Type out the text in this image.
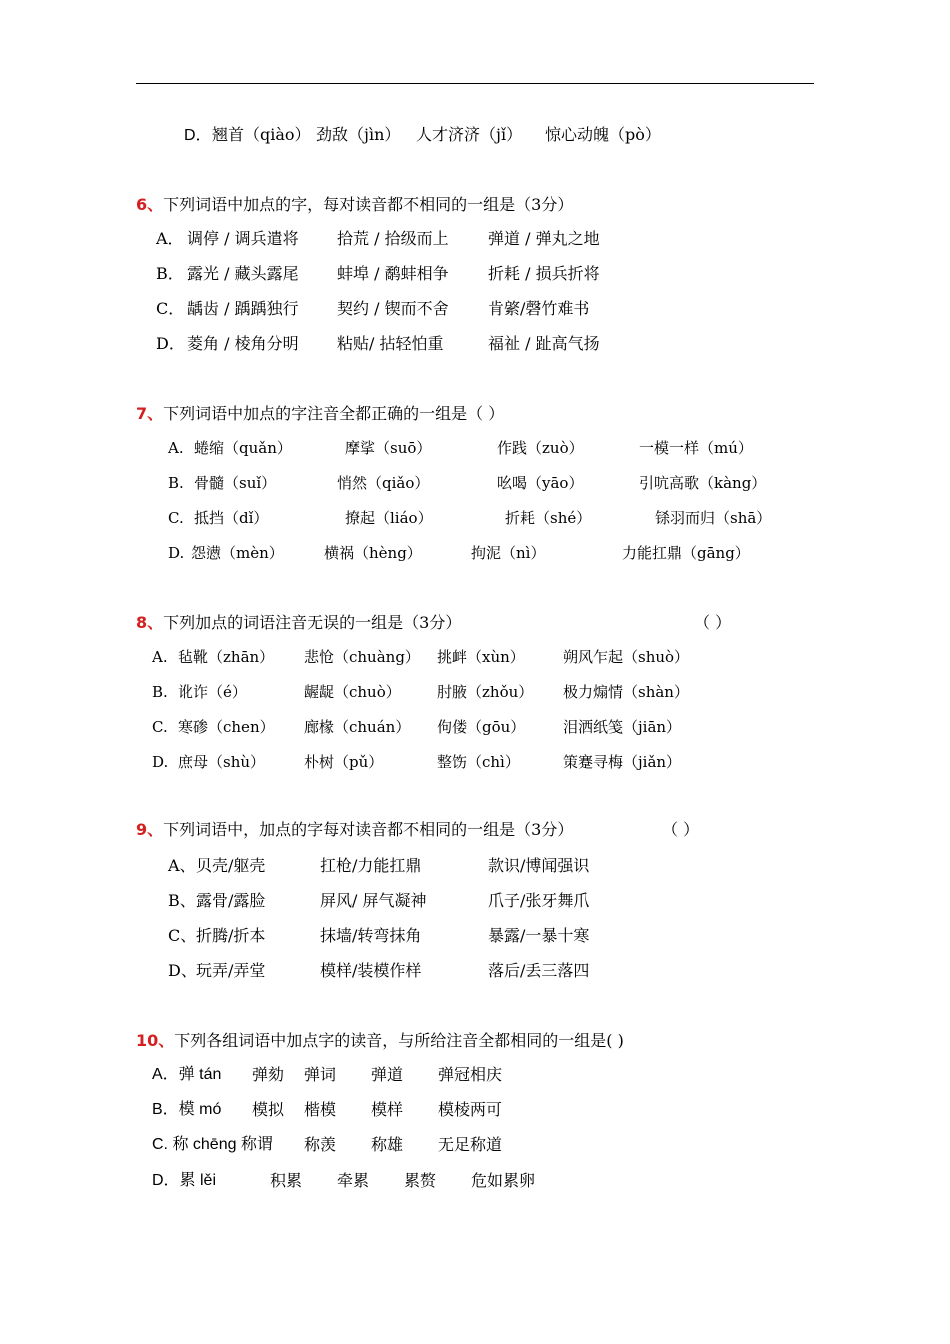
D． 翘首（qiào） 劲敌（jìn） 人才济济（jǐ） 惊心动魄（pò）
6、下列词语中加点的字，每对读音都不相同的一组是（3分）
A． 调停 / 调兵遣将 拾荒 / 拾级而上 弹道 / 弹丸之地
B． 露光 / 藏头露尾 蚌埠 / 鹬蚌相争 折耗 / 损兵折将
C． 龋齿 / 踽踽独行 契约 / 锲而不舍 肯綮/磬竹难书
D． 菱角 / 棱角分明 粘贴/ 拈轻怕重	福祉 / 趾高气扬
7、下列词语中加点的字注音全都正确的一组是（ ）
A. 蜷缩（quǎn）	摩挲（suō）	作践（zuò）	一模一样（mú）
B. 骨髓（suǐ）	悄然（qiǎo）	吆喝（yāo）	引吭高歌（kàng）
C. 抵挡（dǐ）	撩起（liáo）	折耗（shé）	铩羽而归（shā）
D. 怨懑（mèn）	横祸（hèng）	拘泥（nì）	力能扛鼎（gāng）
8、下列加点的词语注音无误的一组是（3分）	（ ）
A. 毡靴（zhān） 悲怆（chuàng） 挑衅（xùn）	朔风乍起（shuò）
B. 讹诈（é）	龌龊（chuò） 肘腋（zhǒu） 极力煽情（shàn）
C. 寒碜（chen） 廊椽（chuán） 佝偻（gōu）	泪洒纸笺（jiān）
D. 庶母（shù）	朴树（pǔ）	整饬（chì）	策蹇寻梅（jiǎn）
9、下列词语中，加点的字每对读音都不相同的一组是（3分）	（ ）
A、 贝壳/躯壳	扛枪/力能扛鼎	款识/博闻强识
B、 露骨/露脸	屏风/ 屏气凝神	爪子/张牙舞爪
C、 折腾/折本	抹墙/转弯抹角	暴露/一暴十寒
D、 玩弄/弄堂	模样/装模作样	落后/丢三落四
10、下列各组词语中加点字的读音，与所给注音全都相同的一组是( )
A．弹 tán 弹劾 弹词 弹道 弹冠相庆
B．模 mó 模拟 楷模 模样 模棱两可
C. 称 chēng 称谓 称羡 称雄 无足称道
D．累 lěi	积累 牵累 累赘 危如累卵
